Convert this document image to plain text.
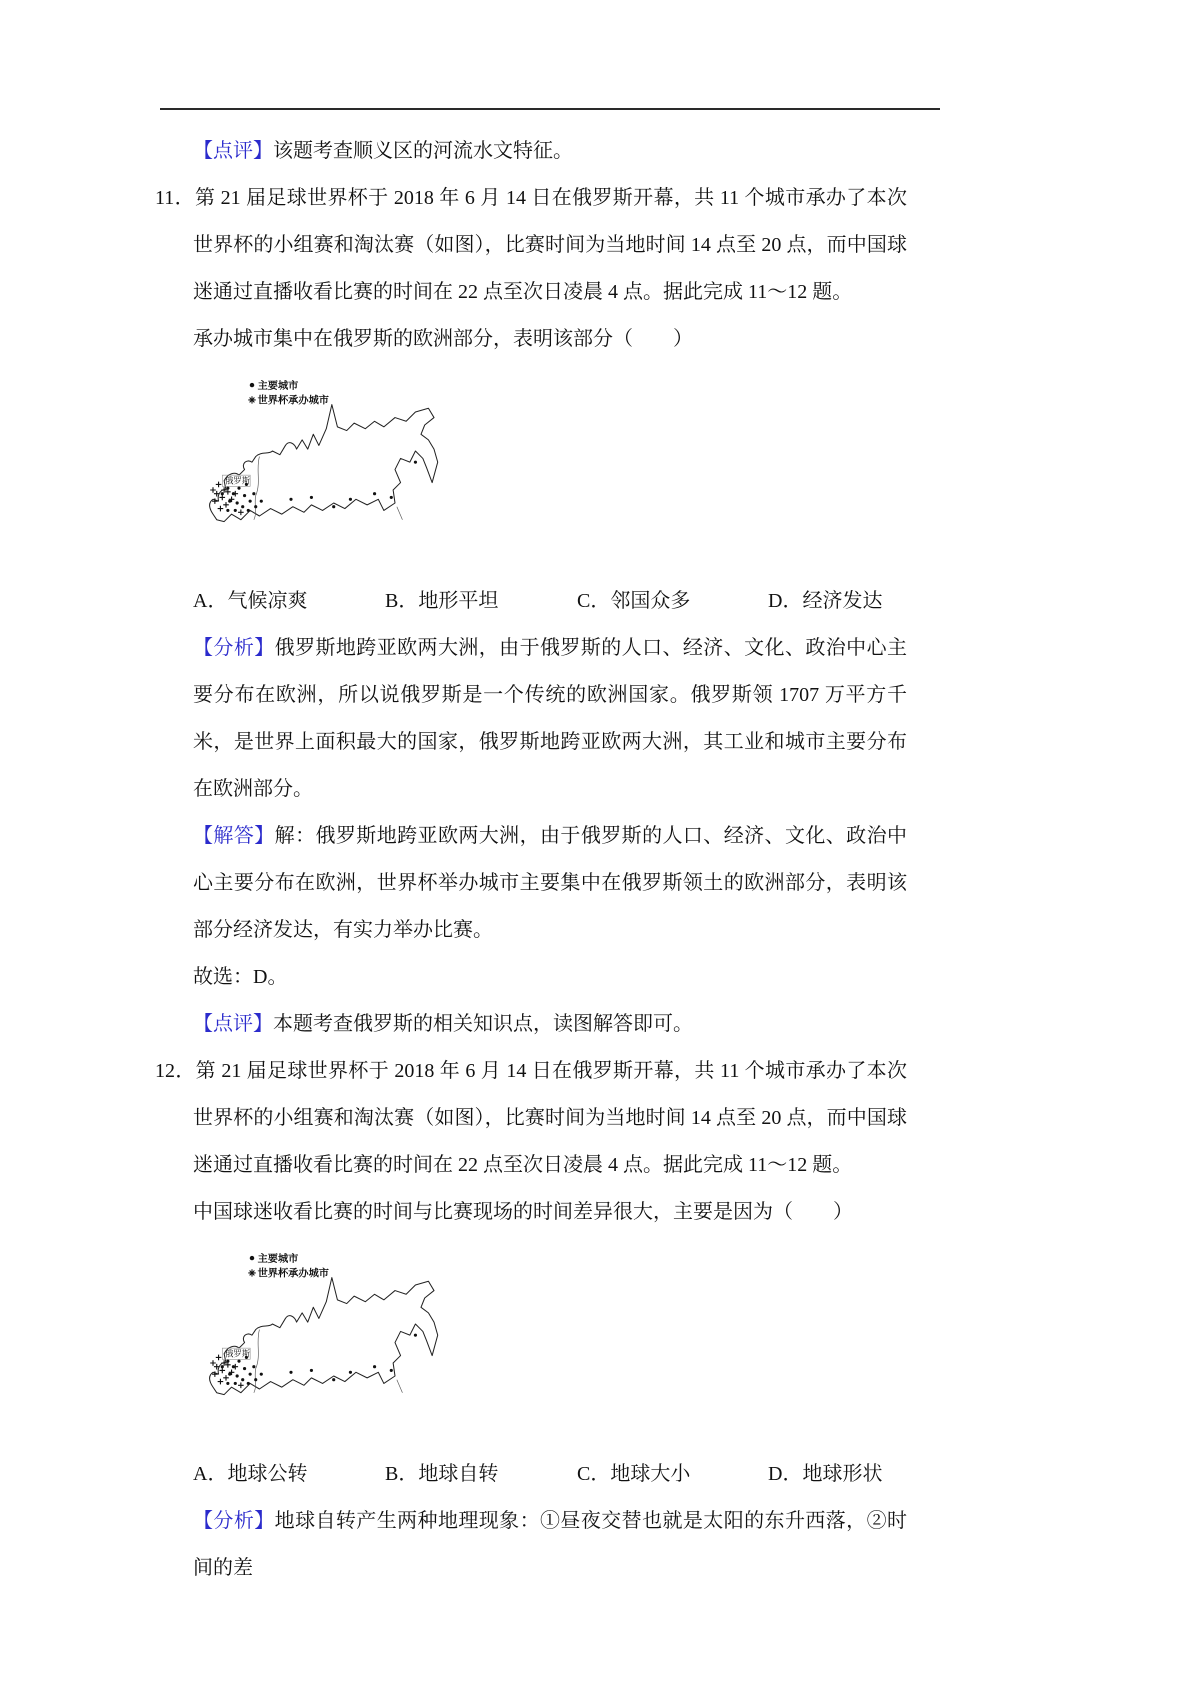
【点评】该题考查顺义区的河流水文特征。

11．第 21 届足球世界杯于 2018 年 6 月 14 日在俄罗斯开幕，共 11 个城市承办了本次世界杯的小组赛和淘汰赛（如图），比赛时间为当地时间 14 点至 20 点，而中国球迷通过直播收看比赛的时间在 22 点至次日凌晨 4 点。据此完成 11～12 题。

承办城市集中在俄罗斯的欧洲部分，表明该部分（　　）

主要城市
世界杯承办城市
俄罗斯
A．气候凉爽	B．地形平坦	C．邻国众多	D．经济发达

【分析】俄罗斯地跨亚欧两大洲，由于俄罗斯的人口、经济、文化、政治中心主要分布在欧洲，所以说俄罗斯是一个传统的欧洲国家。俄罗斯领 1707 万平方千米，是世界上面积最大的国家，俄罗斯地跨亚欧两大洲，其工业和城市主要分布在欧洲部分。

【解答】解：俄罗斯地跨亚欧两大洲，由于俄罗斯的人口、经济、文化、政治中心主要分布在欧洲，世界杯举办城市主要集中在俄罗斯领土的欧洲部分，表明该部分经济发达，有实力举办比赛。

故选：D。

【点评】本题考查俄罗斯的相关知识点，读图解答即可。

12．第 21 届足球世界杯于 2018 年 6 月 14 日在俄罗斯开幕，共 11 个城市承办了本次世界杯的小组赛和淘汰赛（如图），比赛时间为当地时间 14 点至 20 点，而中国球迷通过直播收看比赛的时间在 22 点至次日凌晨 4 点。据此完成 11～12 题。

中国球迷收看比赛的时间与比赛现场的时间差异很大，主要是因为（　　）

主要城市
世界杯承办城市
俄罗斯
A．地球公转	B．地球自转	C．地球大小	D．地球形状

【分析】地球自转产生两种地理现象：①昼夜交替也就是太阳的东升西落，②时间的差
